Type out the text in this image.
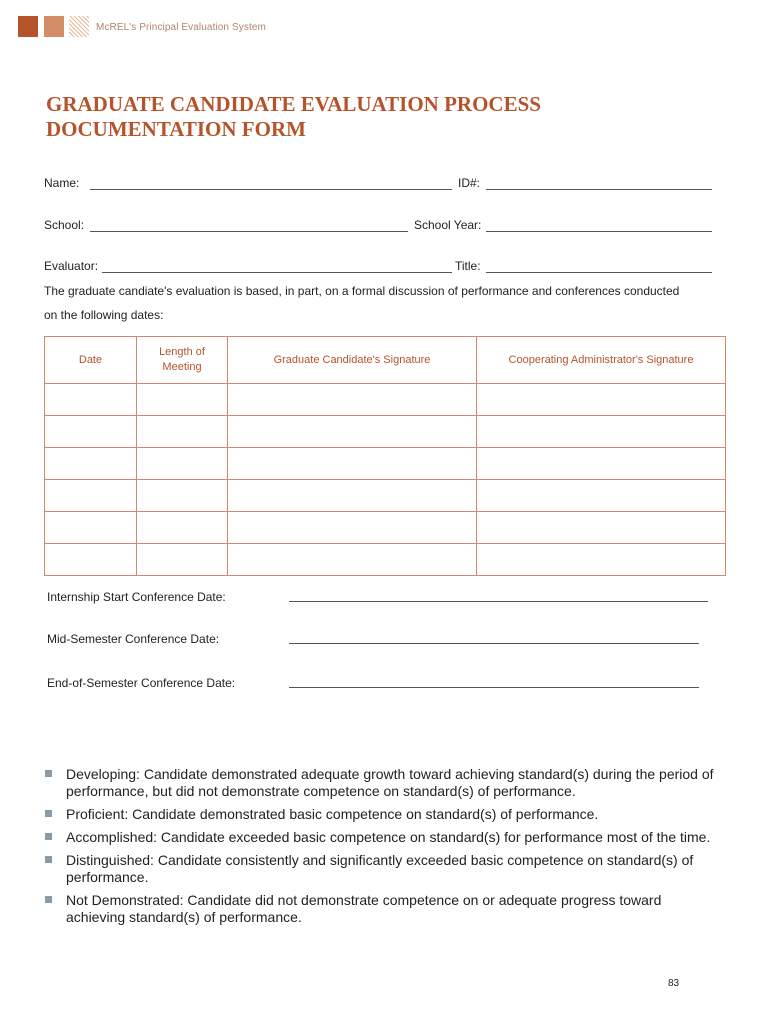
McREL's Principal Evaluation System
GRADUATE CANDIDATE EVALUATION PROCESS DOCUMENTATION FORM
Name:	ID#:
School:	School Year:
Evaluator:	Title:
The graduate candiate's evaluation is based, in part, on a formal discussion of performance and conferences conducted
on the following dates:
Date	Length of Meeting	Graduate Candidate's Signature	Cooperating Administrator's Signature

Internship Start Conference Date:
Mid-Semester Conference Date:
End-of-Semester Conference Date:
Developing: Candidate demonstrated adequate growth toward achieving standard(s) during the period of performance, but did not demonstrate competence on standard(s) of performance.
Proficient: Candidate demonstrated basic competence on standard(s) of performance.
Accomplished: Candidate exceeded basic competence on standard(s) for performance most of the time.
Distinguished: Candidate consistently and significantly exceeded basic competence on standard(s) of performance.
Not Demonstrated: Candidate did not demonstrate competence on or adequate progress toward achieving standard(s) of performance.
83
